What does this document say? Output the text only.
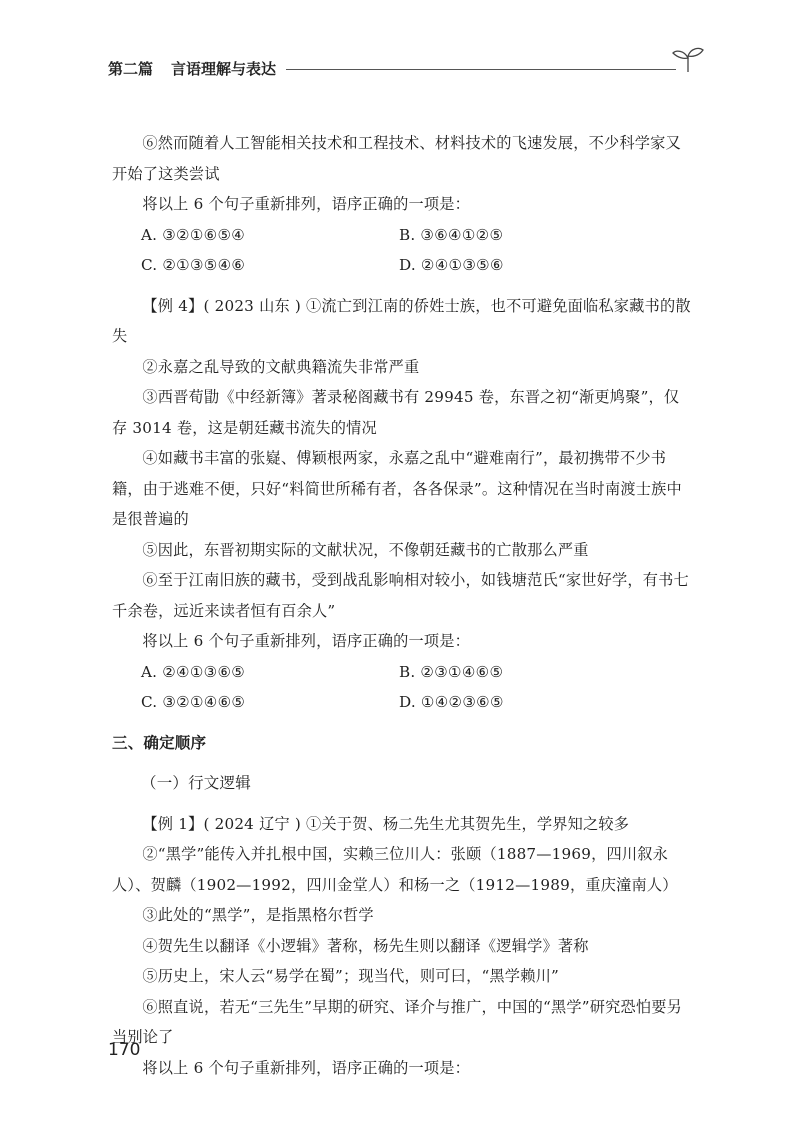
第二篇 言语理解与表达

⑥然而随着人工智能相关技术和工程技术、材料技术的飞速发展，不少科学家又开始了这类尝试

将以上 6 个句子重新排列，语序正确的一项是：

A. ③②①⑥⑤④	B. ③⑥④①②⑤
C. ②①③⑤④⑥	D. ②④①③⑤⑥

【例 4】( 2023 山东 ) ①流亡到江南的侨姓士族，也不可避免面临私家藏书的散失

②永嘉之乱导致的文献典籍流失非常严重

③西晋荀勖《中经新簿》著录秘阁藏书有 29945 卷，东晋之初“渐更鸠聚”，仅存 3014 卷，这是朝廷藏书流失的情况

④如藏书丰富的张嶷、傅颖根两家，永嘉之乱中“避难南行”，最初携带不少书籍，由于逃难不便，只好“料简世所稀有者，各各保录”。这种情况在当时南渡士族中是很普遍的

⑤因此，东晋初期实际的文献状况，不像朝廷藏书的亡散那么严重

⑥至于江南旧族的藏书，受到战乱影响相对较小，如钱塘范氏“家世好学，有书七千余卷，远近来读者恒有百余人”

将以上 6 个句子重新排列，语序正确的一项是：

A. ②④①③⑥⑤	B. ②③①④⑥⑤
C. ③②①④⑥⑤	D. ①④②③⑥⑤

三、确定顺序

（一）行文逻辑

【例 1】( 2024 辽宁 ) ①关于贺、杨二先生尤其贺先生，学界知之较多

②“黑学”能传入并扎根中国，实赖三位川人：张颐（1887—1969，四川叙永人）、贺麟（1902—1992，四川金堂人）和杨一之（1912—1989，重庆潼南人）

③此处的“黑学”，是指黑格尔哲学

④贺先生以翻译《小逻辑》著称，杨先生则以翻译《逻辑学》著称

⑤历史上，宋人云“易学在蜀”；现当代，则可曰，“黑学赖川”

⑥照直说，若无“三先生”早期的研究、译介与推广，中国的“黑学”研究恐怕要另当别论了

将以上 6 个句子重新排列，语序正确的一项是：

170
